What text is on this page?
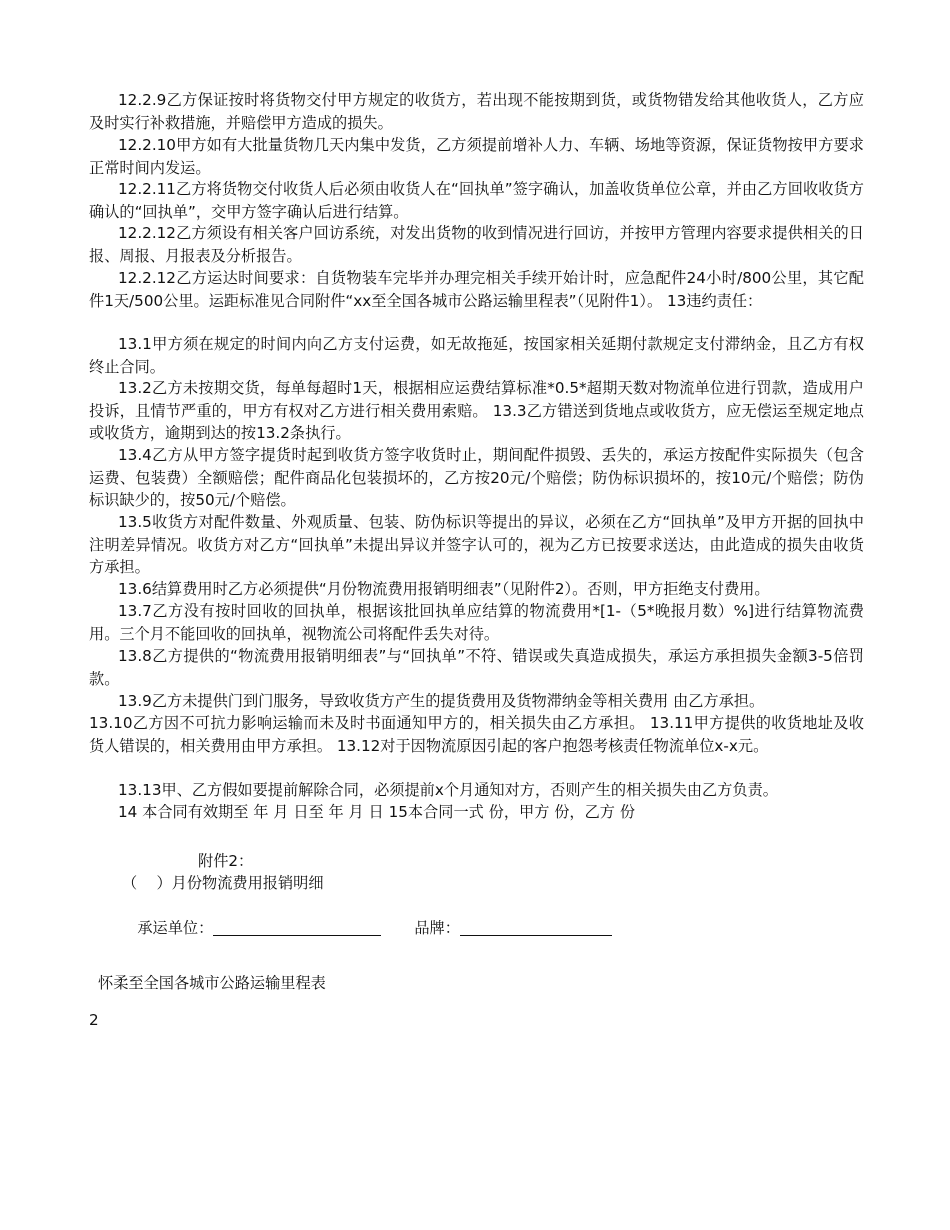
12.2.9乙方保证按时将货物交付甲方规定的收货方，若出现不能按期到货，或货物错发给其他收货人，乙方应及时实行补救措施，并赔偿甲方造成的损失。

12.2.10甲方如有大批量货物几天内集中发货，乙方须提前增补人力、车辆、场地等资源，保证货物按甲方要求正常时间内发运。

12.2.11乙方将货物交付收货人后必须由收货人在“回执单”签字确认，加盖收货单位公章，并由乙方回收收货方确认的“回执单”，交甲方签字确认后进行结算。

12.2.12乙方须设有相关客户回访系统，对发出货物的收到情况进行回访，并按甲方管理内容要求提供相关的日报、周报、月报表及分析报告。

12.2.12乙方运达时间要求：自货物装车完毕并办理完相关手续开始计时，应急配件24小时/800公里，其它配件1天/500公里。运距标准见合同附件“xx至全国各城市公路运输里程表”（见附件1）。 13违约责任：

13.1甲方须在规定的时间内向乙方支付运费，如无故拖延，按国家相关延期付款规定支付滞纳金，且乙方有权终止合同。

13.2乙方未按期交货，每单每超时1天，根据相应运费结算标准*0.5*超期天数对物流单位进行罚款，造成用户投诉，且情节严重的，甲方有权对乙方进行相关费用索赔。 13.3乙方错送到货地点或收货方，应无偿运至规定地点或收货方，逾期到达的按13.2条执行。

13.4乙方从甲方签字提货时起到收货方签字收货时止，期间配件损毁、丢失的，承运方按配件实际损失（包含运费、包装费）全额赔偿；配件商品化包装损坏的，乙方按20元/个赔偿；防伪标识损坏的，按10元/个赔偿；防伪标识缺少的，按50元/个赔偿。

13.5收货方对配件数量、外观质量、包装、防伪标识等提出的异议，必须在乙方“回执单”及甲方开据的回执中注明差异情况。收货方对乙方“回执单”未提出异议并签字认可的，视为乙方已按要求送达，由此造成的损失由收货方承担。

13.6结算费用时乙方必须提供“月份物流费用报销明细表”（见附件2）。否则，甲方拒绝支付费用。

13.7乙方没有按时回收的回执单，根据该批回执单应结算的物流费用*[1-（5*晚报月数）%]进行结算物流费用。三个月不能回收的回执单，视物流公司将配件丢失对待。

13.8乙方提供的“物流费用报销明细表”与“回执单”不符、错误或失真造成损失，承运方承担损失金额3-5倍罚款。

13.9乙方未提供门到门服务，导致收货方产生的提货费用及货物滞纳金等相关费用 由乙方承担。

13.10乙方因不可抗力影响运输而未及时书面通知甲方的，相关损失由乙方承担。 13.11甲方提供的收货地址及收货人错误的，相关费用由甲方承担。 13.12对于因物流原因引起的客户抱怨考核责任物流单位x-x元。

13.13甲、乙方假如要提前解除合同，必须提前x个月通知对方，否则产生的相关损失由乙方负责。

14 本合同有效期至 年 月 日至 年 月 日 15本合同一式 份，甲方 份，乙方 份

附件2：
（    ）月份物流费用报销明细

承运单位：
	品牌：

怀柔至全国各城市公路运输里程表
2
